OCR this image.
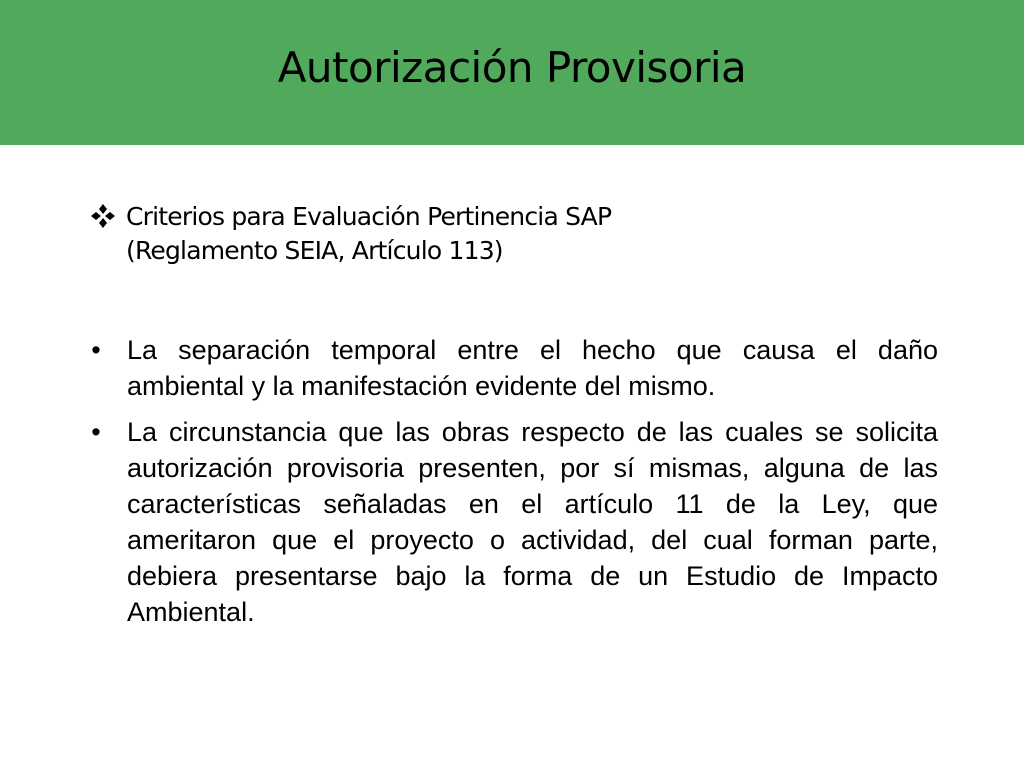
Autorización Provisoria
Criterios para Evaluación Pertinencia SAP
(Reglamento SEIA, Artículo 113)
• La separación temporal entre el hecho que causa el daño ambiental y la manifestación evidente del mismo.
• La circunstancia que las obras respecto de las cuales se solicita autorización provisoria presenten, por sí mismas, alguna de las características señaladas en el artículo 11 de la Ley, que ameritaron que el proyecto o actividad, del cual forman parte, debiera presentarse bajo la forma de un Estudio de Impacto Ambiental.
